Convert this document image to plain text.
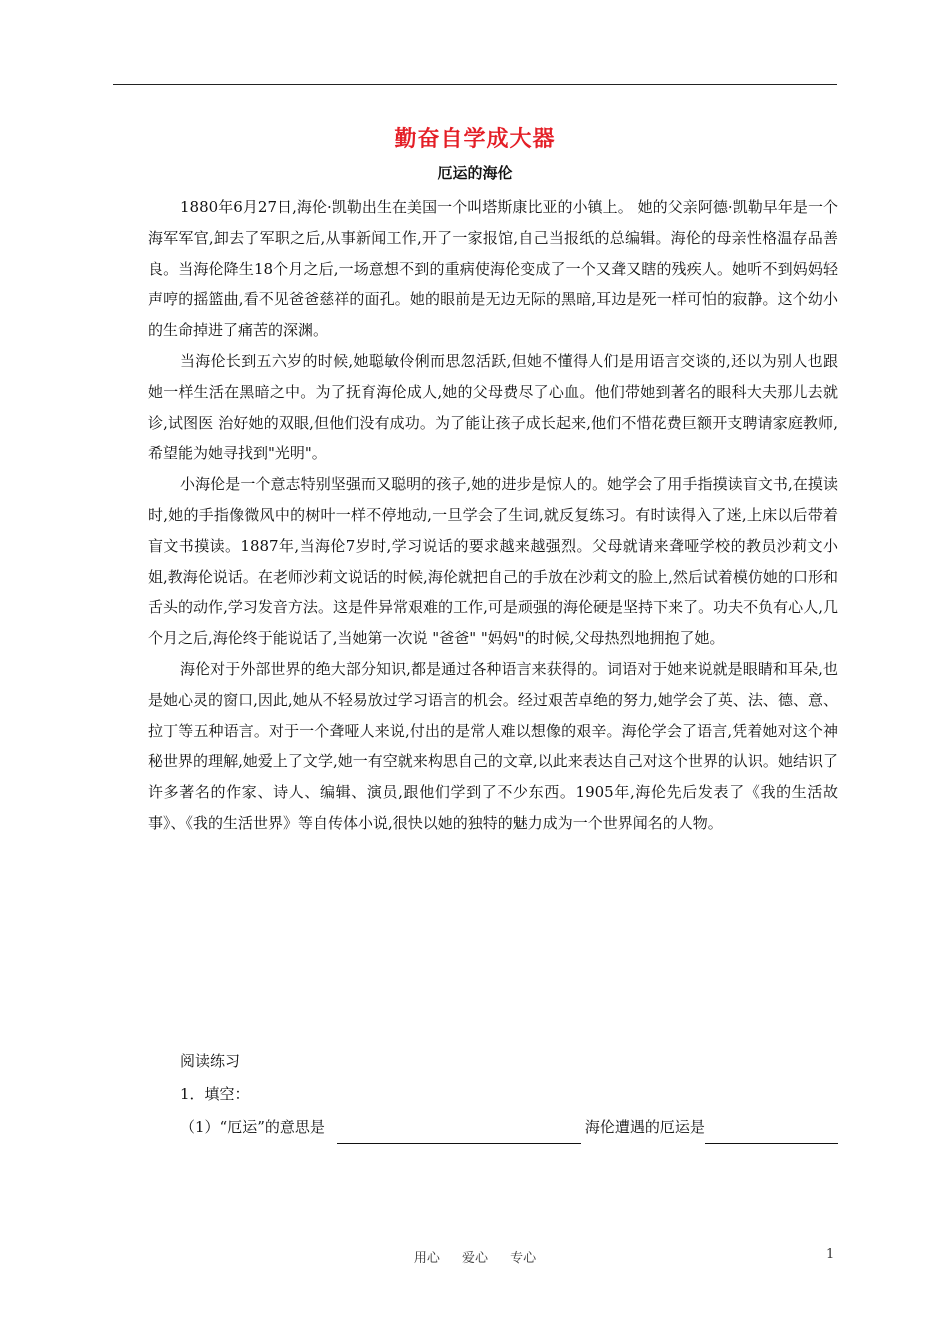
勤奋自学成大器
厄运的海伦

1880年6月27日,海伦·凯勒出生在美国一个叫塔斯康比亚的小镇上。 她的父亲阿德·凯勒早年是一个海军军官,卸去了军职之后,从事新闻工作,开了一家报馆,自己当报纸的总编辑。海伦的母亲性格温存品善良。当海伦降生18个月之后,一场意想不到的重病使海伦变成了一个又聋又瞎的残疾人。她听不到妈妈轻声哼的摇篮曲,看不见爸爸慈祥的面孔。她的眼前是无边无际的黑暗,耳边是死一样可怕的寂静。这个幼小的生命掉进了痛苦的深渊。

当海伦长到五六岁的时候,她聪敏伶俐而思忽活跃,但她不懂得人们是用语言交谈的,还以为别人也跟她一样生活在黑暗之中。为了抚育海伦成人,她的父母费尽了心血。他们带她到著名的眼科大夫那儿去就诊,试图医 治好她的双眼,但他们没有成功。为了能让孩子成长起来,他们不惜花费巨额开支聘请家庭教师,希望能为她寻找到"光明"。

小海伦是一个意志特别坚强而又聪明的孩子,她的进步是惊人的。她学会了用手指摸读盲文书,在摸读时,她的手指像微风中的树叶一样不停地动,一旦学会了生词,就反复练习。有时读得入了迷,上床以后带着盲文书摸读。1887年,当海伦7岁时,学习说话的要求越来越强烈。父母就请来聋哑学校的教员沙莉文小姐,教海伦说话。在老师沙莉文说话的时候,海伦就把自己的手放在沙莉文的脸上,然后试着模仿她的口形和舌头的动作,学习发音方法。这是件异常艰难的工作,可是顽强的海伦硬是坚持下来了。功夫不负有心人,几个月之后,海伦终于能说话了,当她第一次说 "爸爸" "妈妈"的时候,父母热烈地拥抱了她。

海伦对于外部世界的绝大部分知识,都是通过各种语言来获得的。词语对于她来说就是眼睛和耳朵,也是她心灵的窗口,因此,她从不轻易放过学习语言的机会。经过艰苦卓绝的努力,她学会了英、法、德、意、拉丁等五种语言。对于一个聋哑人来说,付出的是常人难以想像的艰辛。海伦学会了语言,凭着她对这个神秘世界的理解,她爱上了文学,她一有空就来构思自己的文章,以此来表达自己对这个世界的认识。她结识了许多著名的作家、诗人、编辑、演员,跟他们学到了不少东西。1905年,海伦先后发表了《我的生活故事》、《我的生活世界》等自传体小说,很快以她的独特的魅力成为一个世界闻名的人物。

阅读练习
1．填空：
（1）“厄运”的意思是	海伦遭遇的厄运是
用心 爱心 专心	1
